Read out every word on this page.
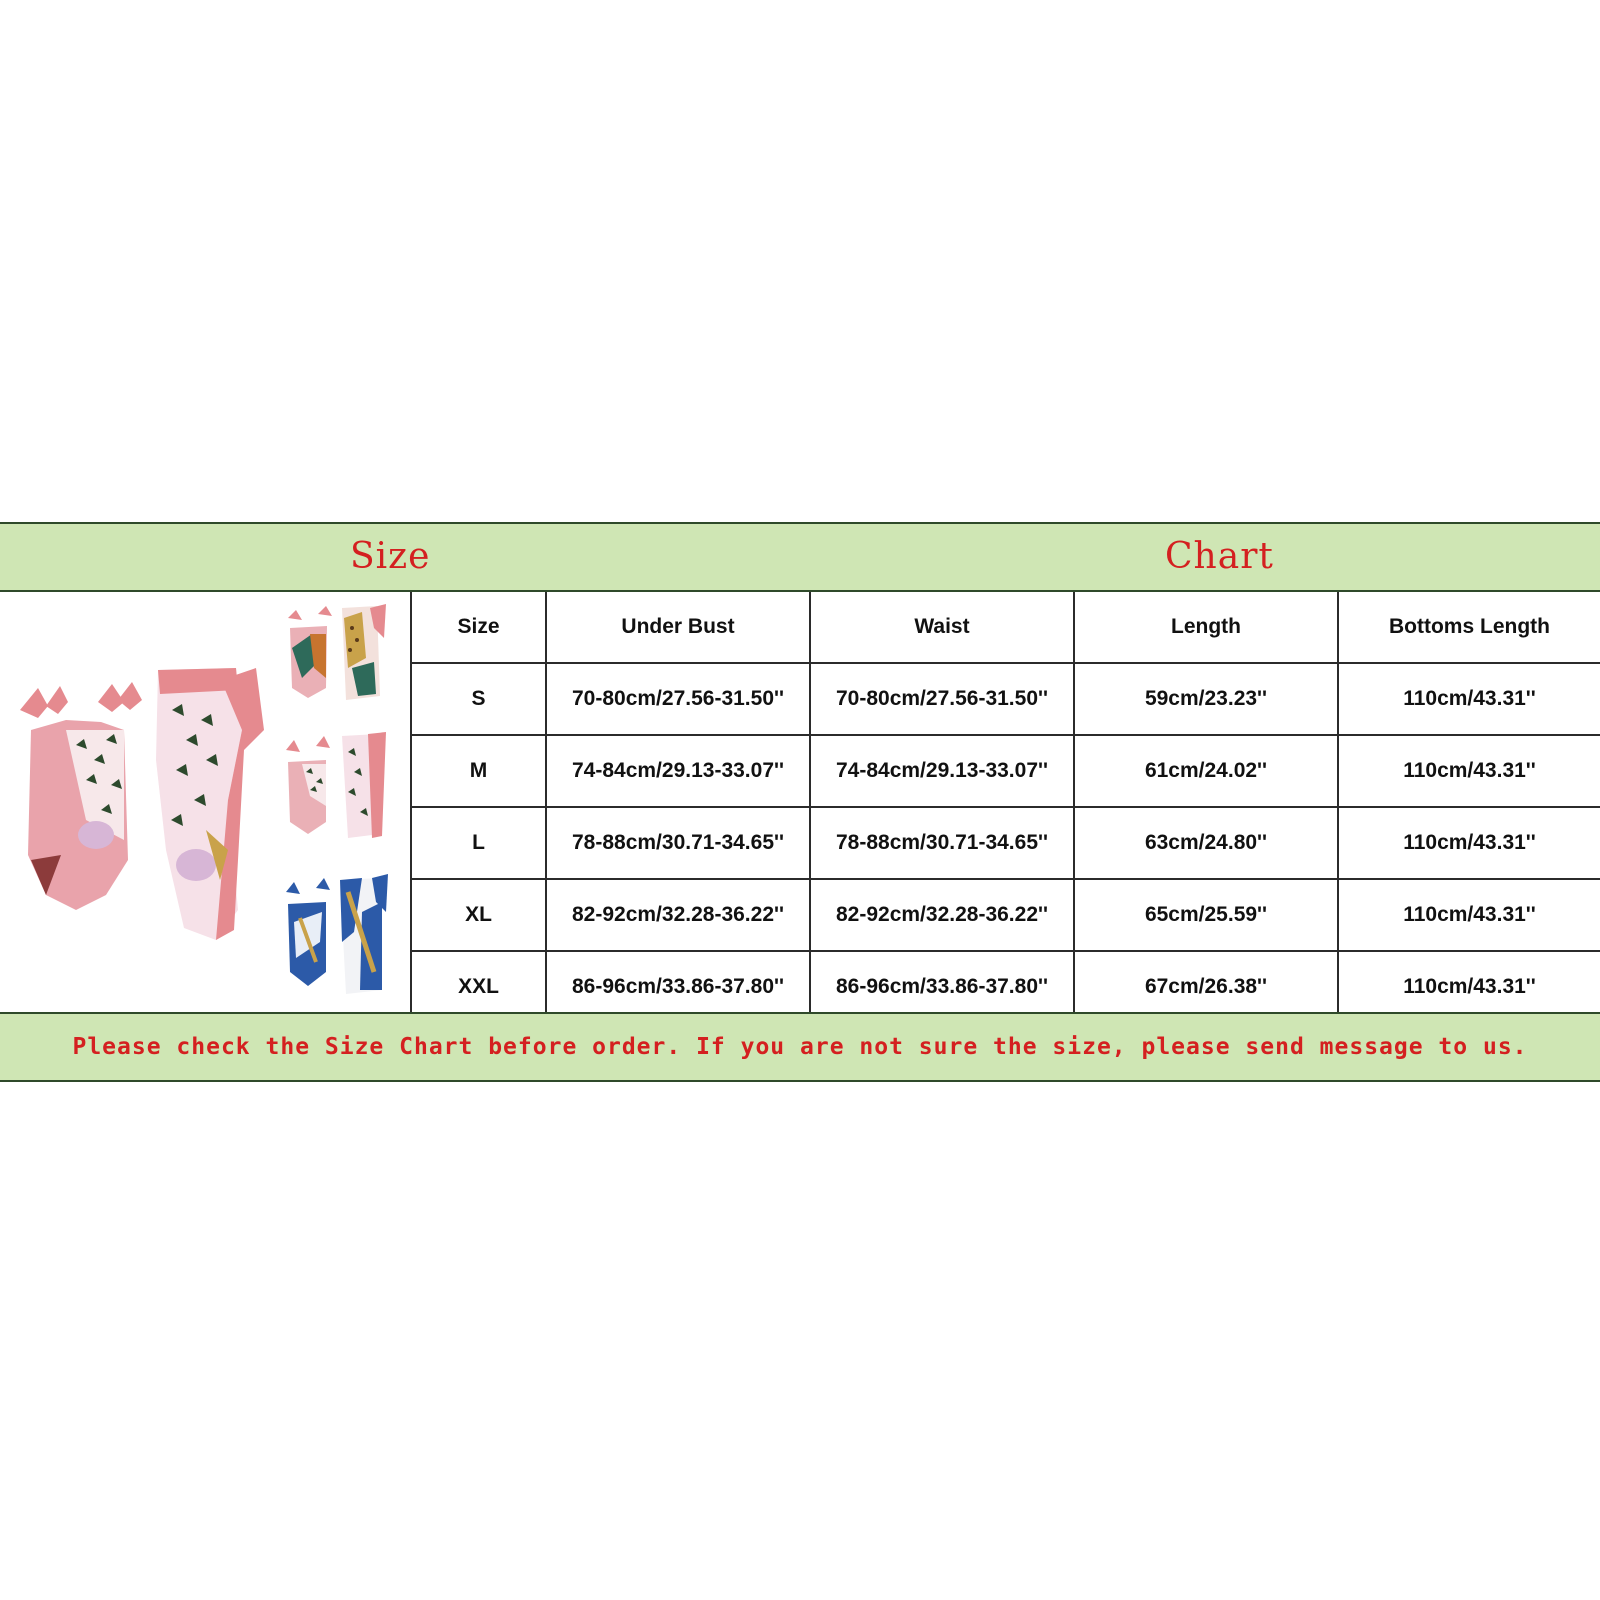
Size	Chart
Size	Under Bust	Waist	Length	Bottoms Length
S	70-80cm/27.56-31.50''	70-80cm/27.56-31.50''	59cm/23.23''	110cm/43.31''
M	74-84cm/29.13-33.07''	74-84cm/29.13-33.07''	61cm/24.02''	110cm/43.31''
L	78-88cm/30.71-34.65''	78-88cm/30.71-34.65''	63cm/24.80''	110cm/43.31''
XL	82-92cm/32.28-36.22''	82-92cm/32.28-36.22''	65cm/25.59''	110cm/43.31''
XXL	86-96cm/33.86-37.80''	86-96cm/33.86-37.80''	67cm/26.38''	110cm/43.31''
Please check the Size Chart before order. If you are not sure the size, please send message to us.
